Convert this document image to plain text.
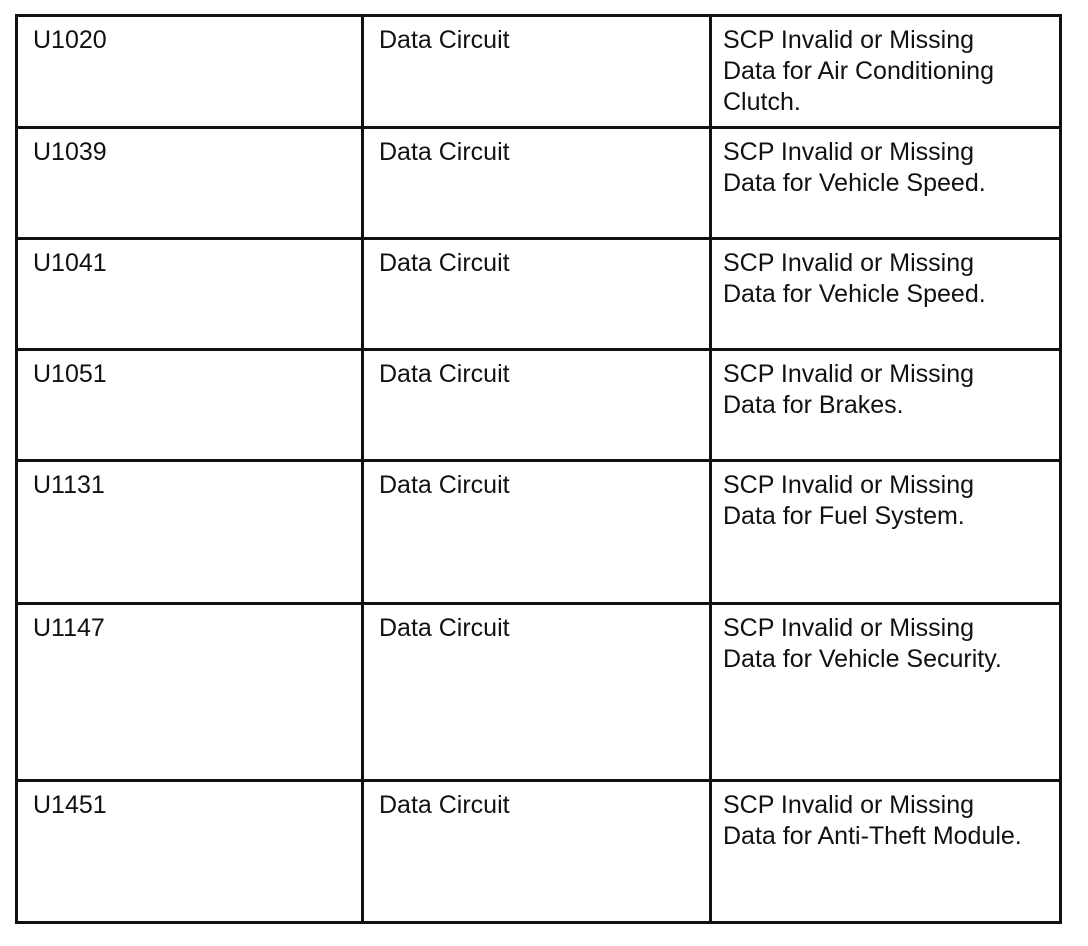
U1020	Data Circuit	SCP Invalid or Missing
Data for Air Conditioning
Clutch.

U1039	Data Circuit	SCP Invalid or Missing
Data for Vehicle Speed.

U1041	Data Circuit	SCP Invalid or Missing
Data for Vehicle Speed.

U1051	Data Circuit	SCP Invalid or Missing
Data for Brakes.

U1131	Data Circuit	SCP Invalid or Missing
Data for Fuel System.

U1147	Data Circuit	SCP Invalid or Missing
Data for Vehicle Security.

U1451	Data Circuit	SCP Invalid or Missing
Data for Anti-Theft Module.
